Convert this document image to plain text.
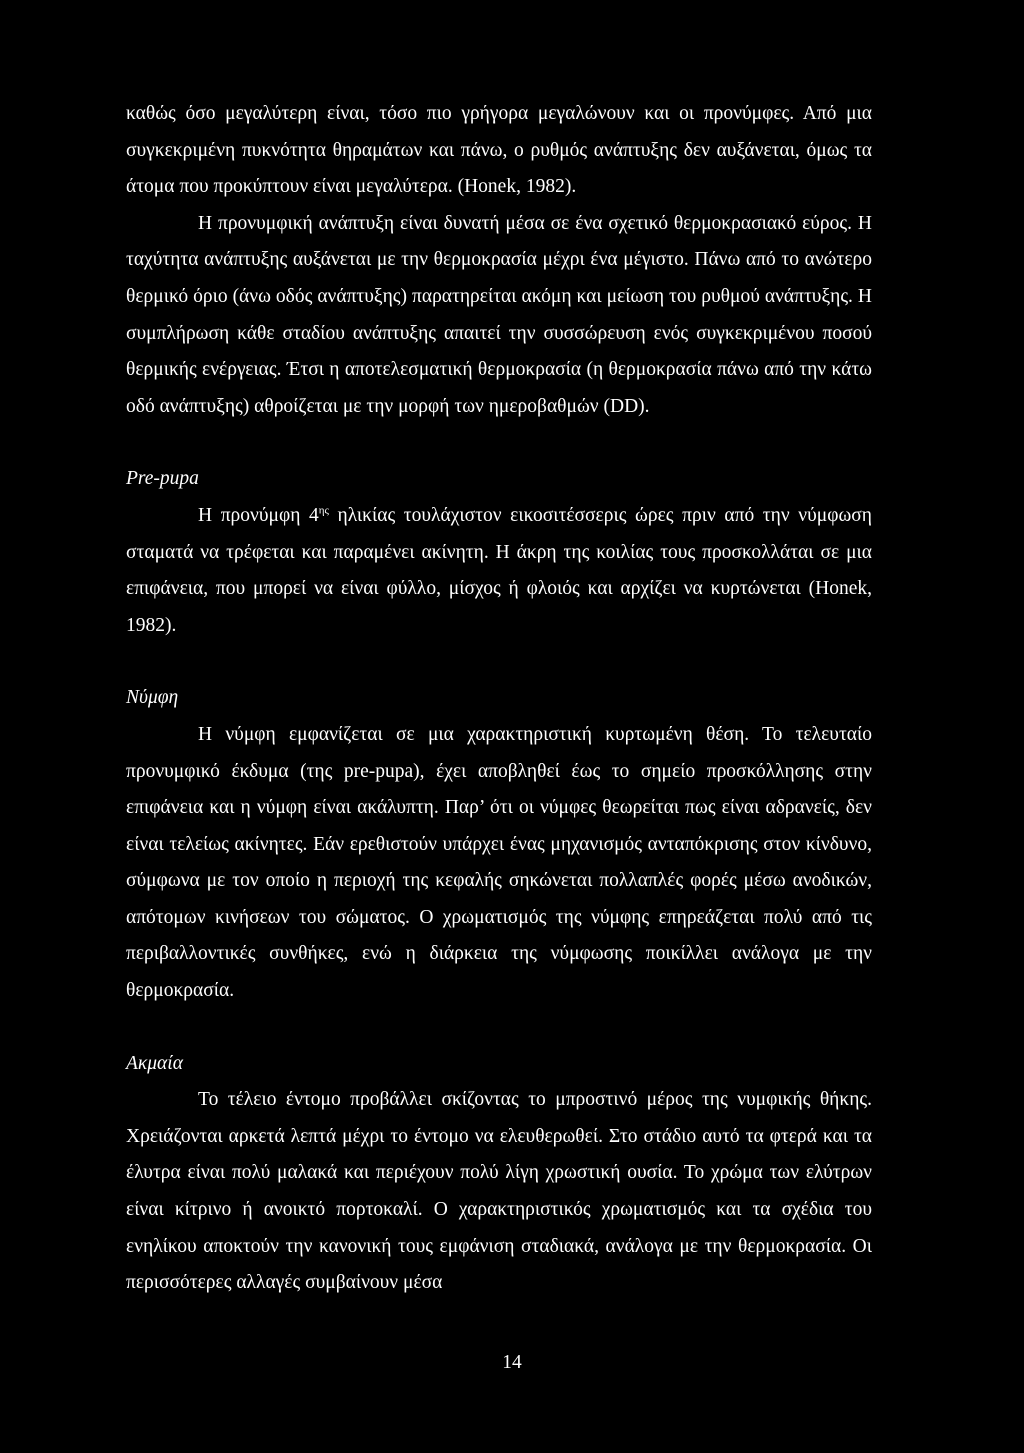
καθώς όσο μεγαλύτερη είναι, τόσο πιο γρήγορα μεγαλώνουν και οι προνύμφες. Από μια συγκεκριμένη πυκνότητα θηραμάτων και πάνω, ο ρυθμός ανάπτυξης δεν αυξάνεται, όμως τα άτομα που προκύπτουν είναι μεγαλύτερα. (Honek, 1982).

Η προνυμφική ανάπτυξη είναι δυνατή μέσα σε ένα σχετικό θερμοκρασιακό εύρος. Η ταχύτητα ανάπτυξης αυξάνεται με την θερμοκρασία μέχρι ένα μέγιστο. Πάνω από το ανώτερο θερμικό όριο (άνω οδός ανάπτυξης) παρατηρείται ακόμη και μείωση του ρυθμού ανάπτυξης. Η συμπλήρωση κάθε σταδίου ανάπτυξης απαιτεί την συσσώρευση ενός συγκεκριμένου ποσού θερμικής ενέργειας. Έτσι η αποτελεσματική θερμοκρασία (η θερμοκρασία πάνω από την κάτω οδό ανάπτυξης) αθροίζεται με την μορφή των ημεροβαθμών (DD).

Pre-pupa

Η προνύμφη $4^{\eta\varsigma}$ ηλικίας τουλάχιστον εικοσιτέσσερις ώρες πριν από την νύμφωση σταματά να τρέφεται και παραμένει ακίνητη. Η άκρη της κοιλίας τους προσκολλάται σε μια επιφάνεια, που μπορεί να είναι φύλλο, μίσχος ή φλοιός και αρχίζει να κυρτώνεται (Honek, 1982).

Νύμφη

Η νύμφη εμφανίζεται σε μια χαρακτηριστική κυρτωμένη θέση. Το τελευταίο προνυμφικό έκδυμα (της pre-pupa), έχει αποβληθεί έως το σημείο προσκόλλησης στην επιφάνεια και η νύμφη είναι ακάλυπτη. Παρ’ ότι οι νύμφες θεωρείται πως είναι αδρανείς, δεν είναι τελείως ακίνητες. Εάν ερεθιστούν υπάρχει ένας μηχανισμός ανταπόκρισης στον κίνδυνο, σύμφωνα με τον οποίο η περιοχή της κεφαλής σηκώνεται πολλαπλές φορές μέσω ανοδικών, απότομων κινήσεων του σώματος. Ο χρωματισμός της νύμφης επηρεάζεται πολύ από τις περιβαλλοντικές συνθήκες, ενώ η διάρκεια της νύμφωσης ποικίλλει ανάλογα με την θερμοκρασία.

Ακμαία

Το τέλειο έντομο προβάλλει σκίζοντας το μπροστινό μέρος της νυμφικής θήκης. Χρειάζονται αρκετά λεπτά μέχρι το έντομο να ελευθερωθεί. Στο στάδιο αυτό τα φτερά και τα έλυτρα είναι πολύ μαλακά και περιέχουν πολύ λίγη χρωστική ουσία. Το χρώμα των ελύτρων είναι κίτρινο ή ανοικτό πορτοκαλί. Ο χαρακτηριστικός χρωματισμός και τα σχέδια του ενηλίκου αποκτούν την κανονική τους εμφάνιση σταδιακά, ανάλογα με την θερμοκρασία. Οι περισσότερες αλλαγές συμβαίνουν μέσα

14
